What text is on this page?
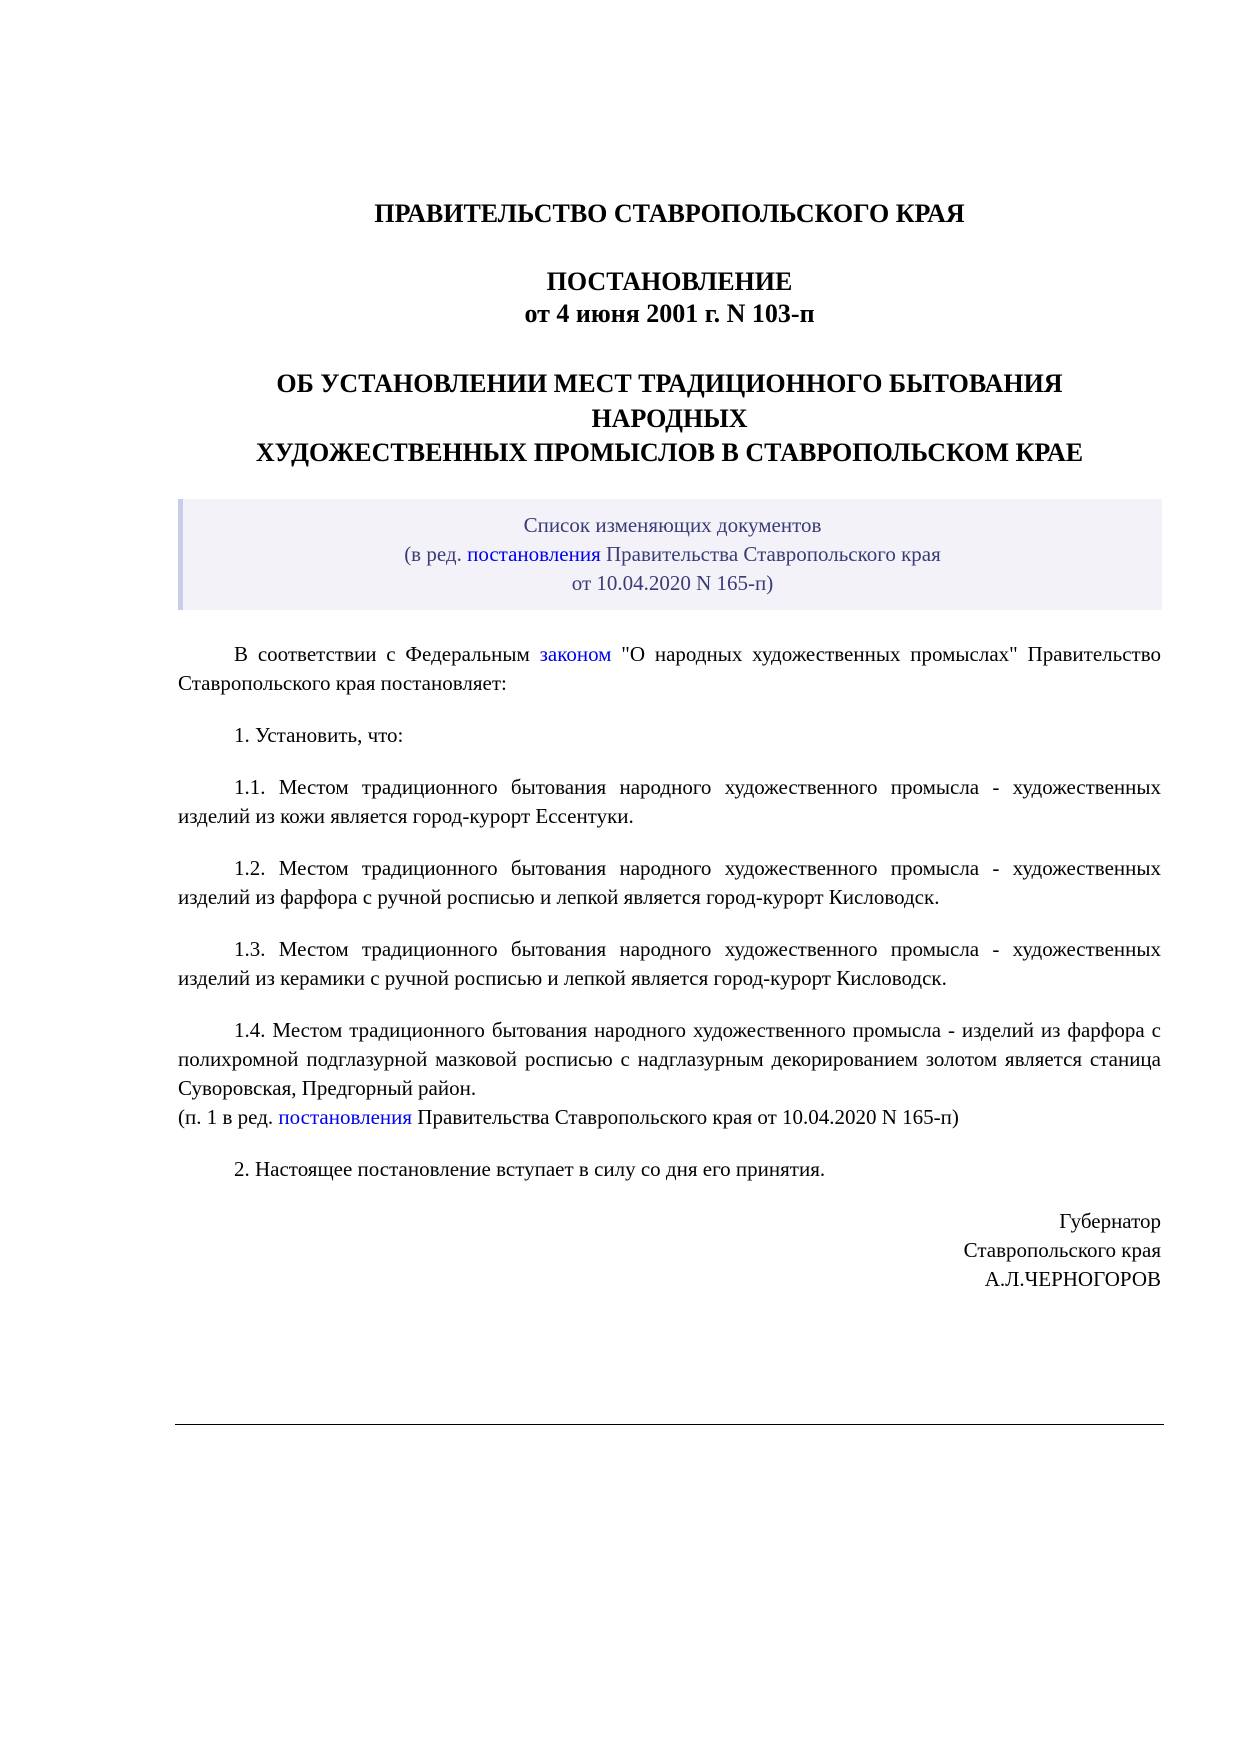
ПРАВИТЕЛЬСТВО СТАВРОПОЛЬСКОГО КРАЯ

ПОСТАНОВЛЕНИЕ

от 4 июня 2001 г. N 103-п

ОБ УСТАНОВЛЕНИИ МЕСТ ТРАДИЦИОННОГО БЫТОВАНИЯ

НАРОДНЫХ

ХУДОЖЕСТВЕННЫХ ПРОМЫСЛОВ В СТАВРОПОЛЬСКОМ КРАЕ

Список изменяющих документов

(в ред. постановления Правительства Ставропольского края

от 10.04.2020 N 165-п)

В соответствии с Федеральным законом "О народных художественных промыслах" Правительство Ставропольского края постановляет:

1. Установить, что:

1.1. Местом традиционного бытования народного художественного промысла - художественных изделий из кожи является город-курорт Ессентуки.

1.2. Местом традиционного бытования народного художественного промысла - художественных изделий из фарфора с ручной росписью и лепкой является город-курорт Кисловодск.

1.3. Местом традиционного бытования народного художественного промысла - художественных изделий из керамики с ручной росписью и лепкой является город-курорт Кисловодск.

1.4. Местом традиционного бытования народного художественного промысла - изделий из фарфора с полихромной подглазурной мазковой росписью с надглазурным декорированием золотом является станица Суворовская, Предгорный район.

(п. 1 в ред. постановления Правительства Ставропольского края от 10.04.2020 N 165-п)

2. Настоящее постановление вступает в силу со дня его принятия.

Губернатор
Ставропольского края
А.Л.ЧЕРНОГОРОВ
